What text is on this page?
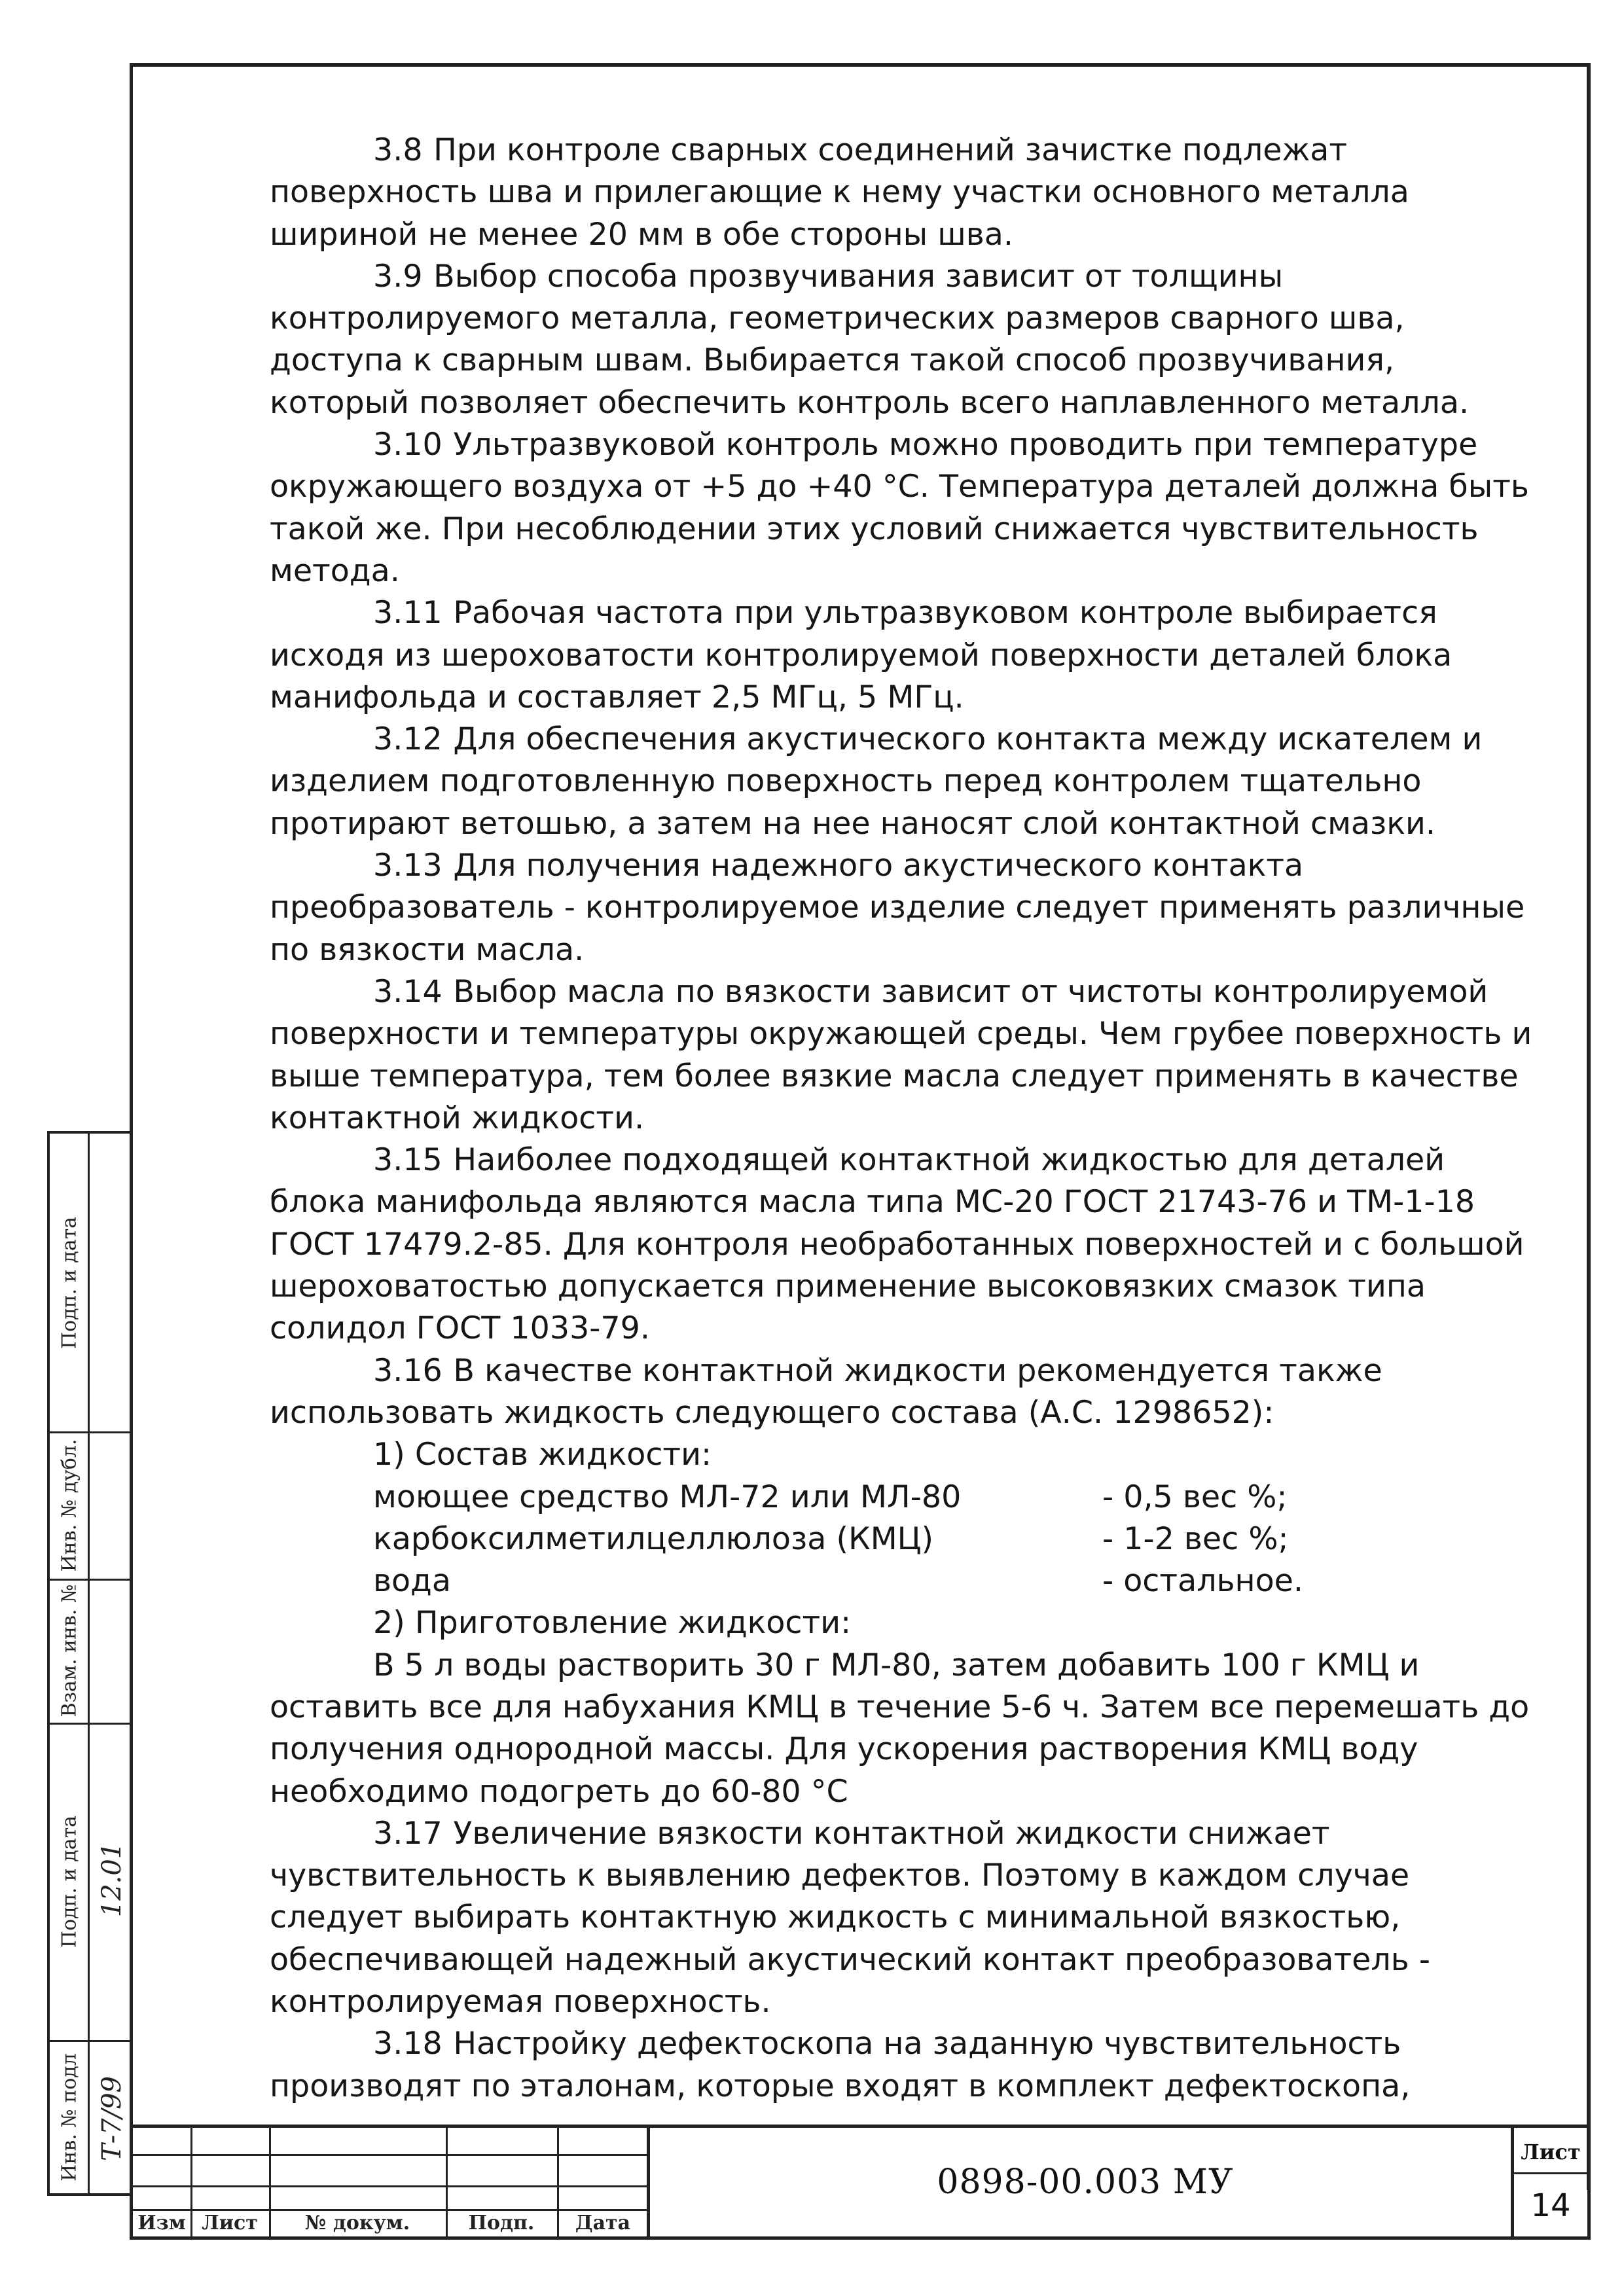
3.8 При контроле сварных соединений зачистке подлежат поверхность шва и прилегающие к нему участки основного металла шириной не менее 20 мм в обе стороны шва.

3.9 Выбор способа прозвучивания зависит от толщины контролируемого металла, геометрических размеров сварного шва, доступа к сварным швам. Выбирается такой способ прозвучивания, который позволяет обеспечить контроль всего наплавленного металла.

3.10 Ультразвуковой контроль можно проводить при температуре окружающего воздуха от +5 до +40 °С. Температура деталей должна быть такой же. При несоблюдении этих условий снижается чувствительность метода.

3.11 Рабочая частота при ультразвуковом контроле выбирается исходя из шероховатости контролируемой поверхности деталей блока манифольда и составляет 2,5 МГц, 5 МГц.

3.12 Для обеспечения акустического контакта между искателем и изделием подготовленную поверхность перед контролем тщательно протирают ветошью, а затем на нее наносят слой контактной смазки.

3.13 Для получения надежного акустического контакта преобразователь - контролируемое изделие следует применять различные по вязкости масла.

3.14 Выбор масла по вязкости зависит от чистоты контролируемой поверхности и температуры окружающей среды. Чем грубее поверхность и выше температура, тем более вязкие масла следует применять в качестве контактной жидкости.

3.15 Наиболее подходящей контактной жидкостью для деталей блока манифольда являются масла типа МС-20 ГОСТ 21743-76 и ТМ-1-18 ГОСТ 17479.2-85. Для контроля необработанных поверхностей и с большой шероховатостью допускается применение высоковязких смазок типа солидол ГОСТ 1033-79.

3.16 В качестве контактной жидкости рекомендуется также использовать жидкость следующего состава (А.С. 1298652):

1) Состав жидкости:

моющее средство МЛ-72 или МЛ-80	- 0,5 вес %;
карбоксилметилцеллюлоза (КМЦ)	- 1-2 вес %;
вода	- остальное.

2) Приготовление жидкости:

В 5 л воды растворить 30 г МЛ-80, затем добавить 100 г КМЦ и оставить все для набухания КМЦ в течение 5-6 ч. Затем все перемешать до получения однородной массы. Для ускорения растворения КМЦ воду необходимо подогреть до 60-80 °С

3.17 Увеличение вязкости контактной жидкости снижает чувствительность к выявлению дефектов. Поэтому в каждом случае следует выбирать контактную жидкость с минимальной вязкостью, обеспечивающей надежный акустический контакт преобразователь - контролируемая поверхность.

3.18 Настройку дефектоскопа на заданную чувствительность производят по эталонам, которые входят в комплект дефектоскопа,

Подп. и дата
Инв. № дубл.
Взам. инв. №
Подп. и дата
Инв. № подл
12.01
Т-7/99
Изм Лист	№ докум.	Подп.	Дата
0898-00.003 МУ
Лист
14
